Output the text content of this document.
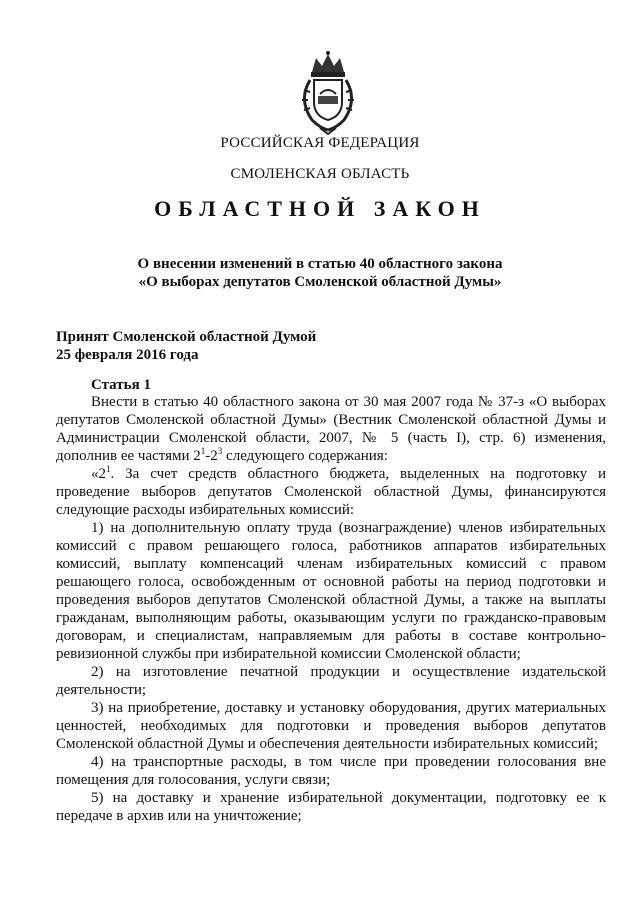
РОССИЙСКАЯ ФЕДЕРАЦИЯ
СМОЛЕНСКАЯ ОБЛАСТЬ
ОБЛАСТНОЙ ЗАКОН
О внесении изменений в статью 40 областного закона
«О выборах депутатов Смоленской областной Думы»
Принят Смоленской областной Думой
25 февраля 2016 года
Статья 1

Внести в статью 40 областного закона от 30 мая 2007 года № 37-з «О выборах депутатов Смоленской областной Думы» (Вестник Смоленской областной Думы и Администрации Смоленской области, 2007, № 5 (часть I), стр. 6) изменения, дополнив ее частями $2^1-2^3$ следующего содержания:

«$2^1$. За счет средств областного бюджета, выделенных на подготовку и проведение выборов депутатов Смоленской областной Думы, финансируются следующие расходы избирательных комиссий:

1) на дополнительную оплату труда (вознаграждение) членов избирательных комиссий с правом решающего голоса, работников аппаратов избирательных комиссий, выплату компенсаций членам избирательных комиссий с правом решающего голоса, освобожденным от основной работы на период подготовки и проведения выборов депутатов Смоленской областной Думы, а также на выплаты гражданам, выполняющим работы, оказывающим услуги по гражданско-правовым договорам, и специалистам, направляемым для работы в составе контрольно-ревизионной службы при избирательной комиссии Смоленской области;

2) на изготовление печатной продукции и осуществление издательской деятельности;

3) на приобретение, доставку и установку оборудования, других материальных ценностей, необходимых для подготовки и проведения выборов депутатов Смоленской областной Думы и обеспечения деятельности избирательных комиссий;

4) на транспортные расходы, в том числе при проведении голосования вне помещения для голосования, услуги связи;

5) на доставку и хранение избирательной документации, подготовку ее к передаче в архив или на уничтожение;
